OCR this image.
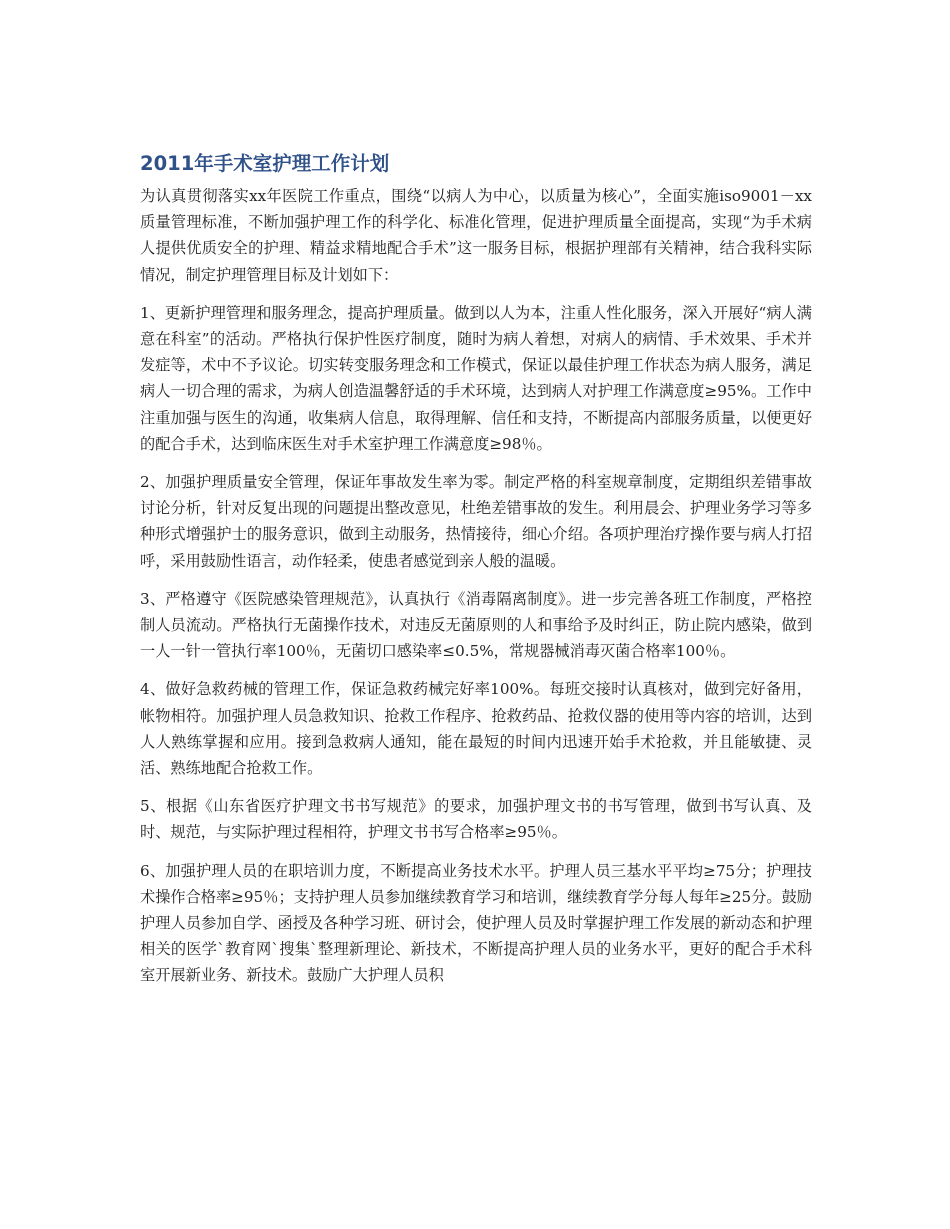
2011年手术室护理工作计划

为认真贯彻落实xx年医院工作重点，围绕“以病人为中心，以质量为核心”，全面实施iso9001－xx质量管理标准，不断加强护理工作的科学化、标准化管理，促进护理质量全面提高，实现“为手术病人提供优质安全的护理、精益求精地配合手术”这一服务目标，根据护理部有关精神，结合我科实际情况，制定护理管理目标及计划如下：

1、更新护理管理和服务理念，提高护理质量。做到以人为本，注重人性化服务，深入开展好“病人满意在科室”的活动。严格执行保护性医疗制度，随时为病人着想，对病人的病情、手术效果、手术并发症等，术中不予议论。切实转变服务理念和工作模式，保证以最佳护理工作状态为病人服务，满足病人一切合理的需求，为病人创造温馨舒适的手术环境，达到病人对护理工作满意度≥95%。工作中注重加强与医生的沟通，收集病人信息，取得理解、信任和支持，不断提高内部服务质量，以便更好的配合手术，达到临床医生对手术室护理工作满意度≥98％。

2、加强护理质量安全管理，保证年事故发生率为零。制定严格的科室规章制度，定期组织差错事故讨论分析，针对反复出现的问题提出整改意见，杜绝差错事故的发生。利用晨会、护理业务学习等多种形式增强护士的服务意识，做到主动服务，热情接待，细心介绍。各项护理治疗操作要与病人打招呼，采用鼓励性语言，动作轻柔，使患者感觉到亲人般的温暖。

3、严格遵守《医院感染管理规范》，认真执行《消毒隔离制度》。进一步完善各班工作制度，严格控制人员流动。严格执行无菌操作技术，对违反无菌原则的人和事给予及时纠正，防止院内感染，做到一人一针一管执行率100％，无菌切口感染率≤0.5%，常规器械消毒灭菌合格率100％。

4、做好急救药械的管理工作，保证急救药械完好率100%。每班交接时认真核对，做到完好备用，帐物相符。加强护理人员急救知识、抢救工作程序、抢救药品、抢救仪器的使用等内容的培训，达到人人熟练掌握和应用。接到急救病人通知，能在最短的时间内迅速开始手术抢救，并且能敏捷、灵活、熟练地配合抢救工作。

5、根据《山东省医疗护理文书书写规范》的要求，加强护理文书的书写管理，做到书写认真、及时、规范，与实际护理过程相符，护理文书书写合格率≥95％。

6、加强护理人员的在职培训力度，不断提高业务技术水平。护理人员三基水平平均≥75分；护理技术操作合格率≥95％；支持护理人员参加继续教育学习和培训，继续教育学分每人每年≥25分。鼓励护理人员参加自学、函授及各种学习班、研讨会，使护理人员及时掌握护理工作发展的新动态和护理相关的医学`教育网`搜集`整理新理论、新技术，不断提高护理人员的业务水平，更好的配合手术科室开展新业务、新技术。鼓励广大护理人员积
